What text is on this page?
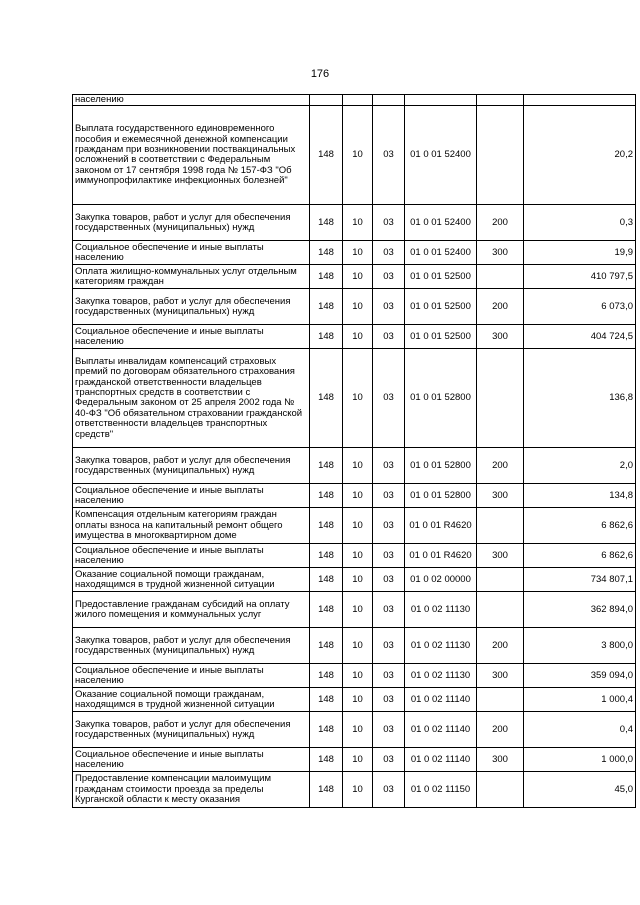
176
населению						
Выплата государственного единовременного пособия и ежемесячной денежной компенсации гражданам при возникновении поствакцинальных осложнений в соответствии с Федеральным законом от 17 сентября 1998 года № 157-ФЗ "Об иммунопрофилактике инфекционных болезней"	148	10	03	01 0 01 52400		20,2
Закупка товаров, работ и услуг для обеспечения государственных (муниципальных) нужд	148	10	03	01 0 01 52400	200	0,3
Социальное обеспечение и иные выплаты населению	148	10	03	01 0 01 52400	300	19,9
Оплата жилищно-коммунальных услуг отдельным категориям граждан	148	10	03	01 0 01 52500		410 797,5
Закупка товаров, работ и услуг для обеспечения государственных (муниципальных) нужд	148	10	03	01 0 01 52500	200	6 073,0
Социальное обеспечение и иные выплаты населению	148	10	03	01 0 01 52500	300	404 724,5
Выплаты инвалидам компенсаций страховых премий по договорам обязательного страхования гражданской ответственности владельцев транспортных средств в соответствии с Федеральным законом от 25 апреля 2002 года № 40-ФЗ "Об обязательном страховании гражданской ответственности владельцев транспортных средств"	148	10	03	01 0 01 52800		136,8
Закупка товаров, работ и услуг для обеспечения государственных (муниципальных) нужд	148	10	03	01 0 01 52800	200	2,0
Социальное обеспечение и иные выплаты населению	148	10	03	01 0 01 52800	300	134,8
Компенсация отдельным категориям граждан оплаты взноса на капитальный ремонт общего имущества в многоквартирном доме	148	10	03	01 0 01 R4620		6 862,6
Социальное обеспечение и иные выплаты населению	148	10	03	01 0 01 R4620	300	6 862,6
Оказание социальной помощи гражданам, находящимся в трудной жизненной ситуации	148	10	03	01 0 02 00000		734 807,1
Предоставление гражданам субсидий на оплату жилого помещения и коммунальных услуг	148	10	03	01 0 02 11130		362 894,0
Закупка товаров, работ и услуг для обеспечения государственных (муниципальных) нужд	148	10	03	01 0 02 11130	200	3 800,0
Социальное обеспечение и иные выплаты населению	148	10	03	01 0 02 11130	300	359 094,0
Оказание социальной помощи гражданам, находящимся в трудной жизненной ситуации	148	10	03	01 0 02 11140		1 000,4
Закупка товаров, работ и услуг для обеспечения государственных (муниципальных) нужд	148	10	03	01 0 02 11140	200	0,4
Социальное обеспечение и иные выплаты населению	148	10	03	01 0 02 11140	300	1 000,0
Предоставление компенсации малоимущим гражданам стоимости проезда за пределы Курганской области к месту оказания	148	10	03	01 0 02 11150		45,0
